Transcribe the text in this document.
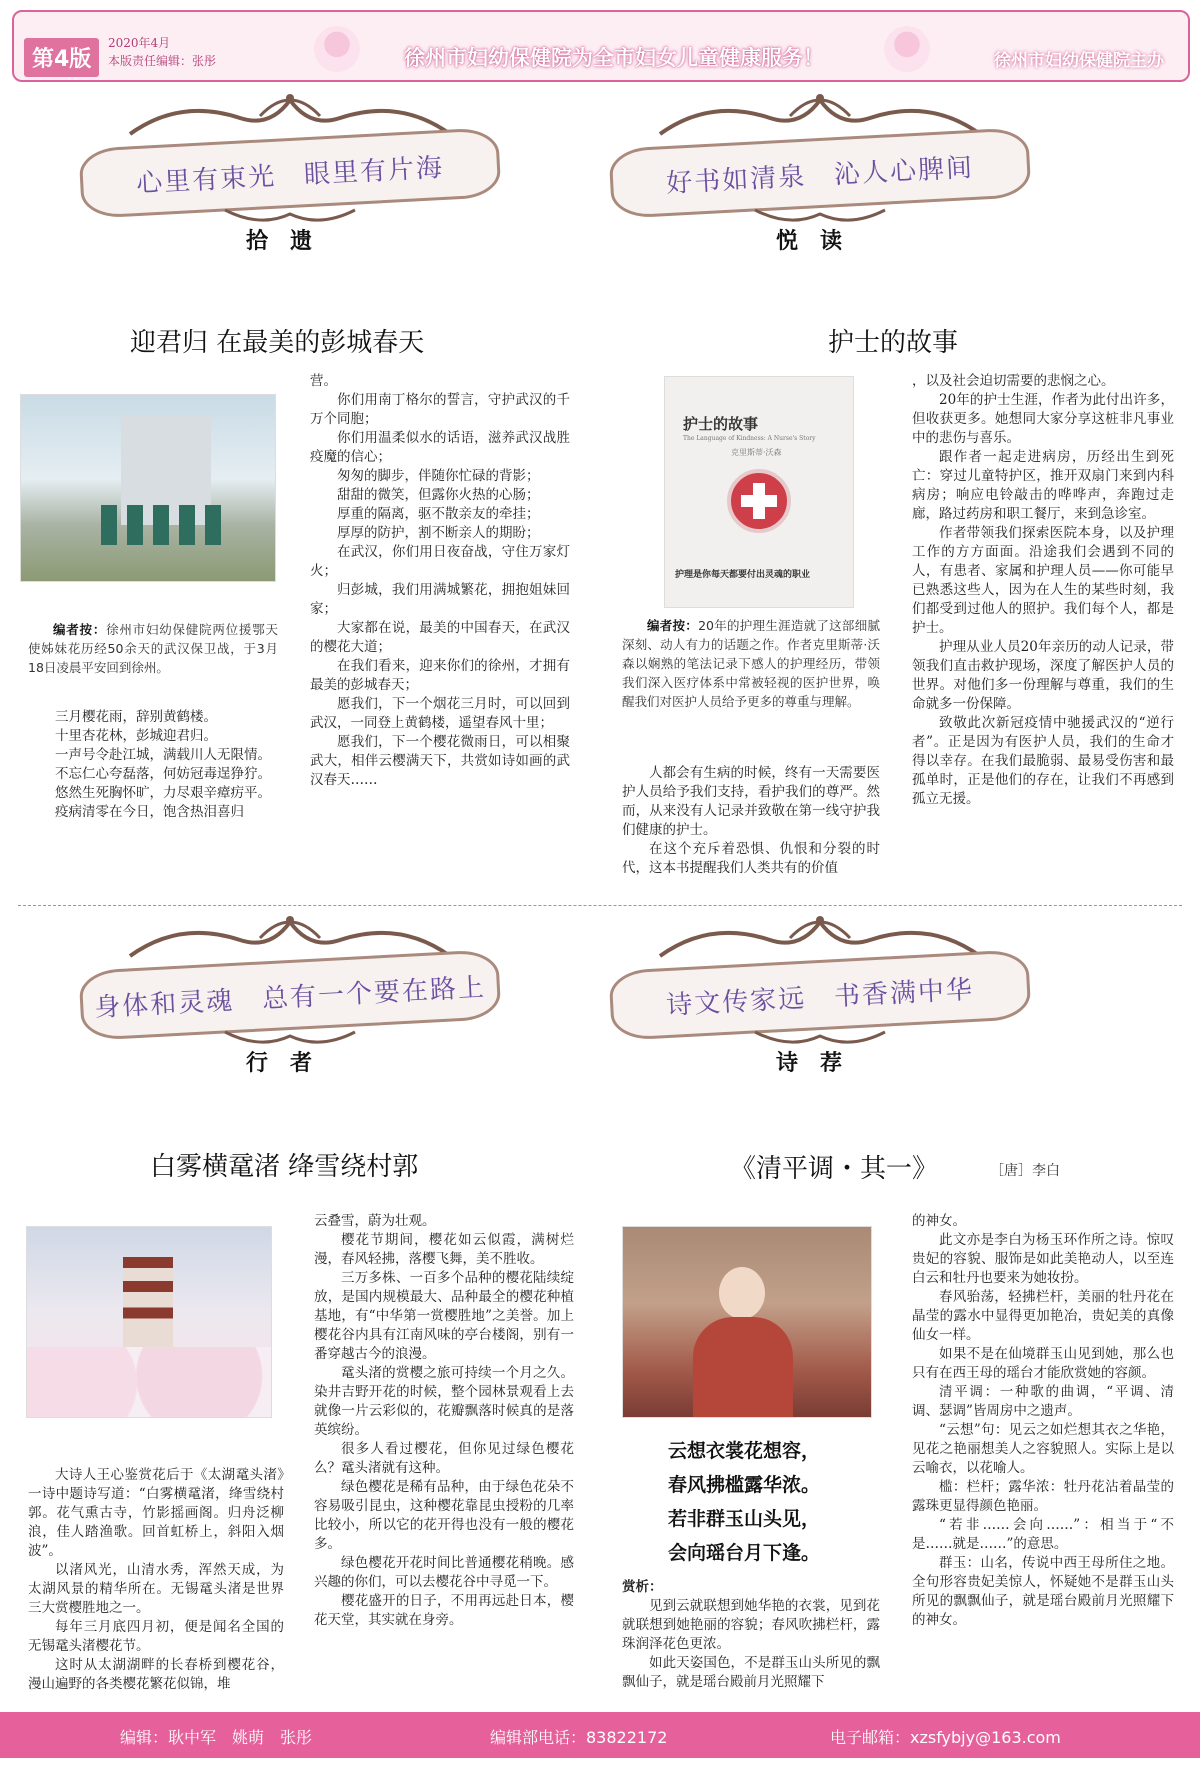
第4版
2020年4月
本版责任编辑：张彤	徐州市妇幼保健院为全市妇女儿童健康服务！	徐州市妇幼保健院主办
心里有束光　眼里有片海
拾遗
好书如清泉　沁人心脾间
悦读
迎君归 在最美的彭城春天
编者按：徐州市妇幼保健院两位援鄂天使姊妹花历经50余天的武汉保卫战，于3月18日凌晨平安回到徐州。

三月樱花雨，辞别黄鹤楼。

十里杏花林，彭城迎君归。

一声号令赴江城，满载川人无限情。

不忘仁心夸磊落，何妨冠毒逞狰狞。

悠然生死胸怀旷，力尽艰辛瘴疠平。

疫病清零在今日，饱含热泪喜归

营。

你们用南丁格尔的誓言，守护武汉的千万个同胞；

你们用温柔似水的话语，滋养武汉战胜疫魔的信心；

匆匆的脚步，伴随你忙碌的背影；

甜甜的微笑，但露你火热的心肠；

厚重的隔离，驱不散亲友的牵挂；

厚厚的防护，割不断亲人的期盼；

在武汉，你们用日夜奋战，守住万家灯火；

归彭城，我们用满城繁花，拥抱姐妹回家；

大家都在说，最美的中国春天，在武汉的樱花大道；

在我们看来，迎来你们的徐州，才拥有最美的彭城春天；

愿我们，下一个烟花三月时，可以回到武汉，一同登上黄鹤楼，遥望春风十里；

愿我们，下一个樱花微雨日，可以相聚武大，相伴云樱满天下，共赏如诗如画的武汉春天……

护士的故事
护士的故事
The Language of Kindness: A Nurse's Story
克里斯蒂·沃森
护理是你每天都要付出灵魂的职业
编者按：20年的护理生涯造就了这部细腻深刻、动人有力的话题之作。作者克里斯蒂·沃森以娴熟的笔法记录下感人的护理经历，带领我们深入医疗体系中常被轻视的医护世界，唤醒我们对医护人员给予更多的尊重与理解。

人都会有生病的时候，终有一天需要医护人员给予我们支持，看护我们的尊严。然而，从来没有人记录并致敬在第一线守护我们健康的护士。

在这个充斥着恐惧、仇恨和分裂的时代，这本书提醒我们人类共有的价值

，以及社会迫切需要的悲悯之心。

20年的护士生涯，作者为此付出许多，但收获更多。她想同大家分享这桩非凡事业中的悲伤与喜乐。

跟作者一起走进病房，历经出生到死亡：穿过儿童特护区，推开双扇门来到内科病房；响应电铃敲击的哗哗声，奔跑过走廊，路过药房和职工餐厅，来到急诊室。

作者带领我们探索医院本身，以及护理工作的方方面面。沿途我们会遇到不同的人，有患者、家属和护理人员——你可能早已熟悉这些人，因为在人生的某些时刻，我们都受到过他人的照护。我们每个人，都是护士。

护理从业人员20年亲历的动人记录，带领我们直击救护现场，深度了解医护人员的世界。对他们多一份理解与尊重，我们的生命就多一份保障。

致敬此次新冠疫情中驰援武汉的“逆行者”。正是因为有医护人员，我们的生命才得以幸存。在我们最脆弱、最易受伤害和最孤单时，正是他们的存在，让我们不再感到孤立无援。

身体和灵魂　总有一个要在路上
行者
诗文传家远　书香满中华
诗荐
白雾横鼋渚 绛雪绕村郭

大诗人王心鉴赏花后于《太湖鼋头渚》一诗中题诗写道：“白雾横鼋渚，绛雪绕村郭。花气熏古寺，竹影摇画阁。归舟泛柳浪，佳人踏渔歌。回首虹桥上，斜阳入烟波”。

以渚风光，山清水秀，浑然天成，为太湖风景的精华所在。无锡鼋头渚是世界三大赏樱胜地之一。

每年三月底四月初，便是闻名全国的无锡鼋头渚樱花节。

这时从太湖湖畔的长春桥到樱花谷，漫山遍野的各类樱花繁花似锦，堆

云叠雪，蔚为壮观。

樱花节期间，樱花如云似霞，满树烂漫，春风轻拂，落樱飞舞，美不胜收。

三万多株、一百多个品种的樱花陆续绽放，是国内规模最大、品种最全的樱花种植基地，有“中华第一赏樱胜地”之美誉。加上樱花谷内具有江南风味的亭台楼阁，别有一番穿越古今的浪漫。

鼋头渚的赏樱之旅可持续一个月之久。染井吉野开花的时候，整个园林景观看上去就像一片云彩似的，花瓣飘落时候真的是落英缤纷。

很多人看过樱花，但你见过绿色樱花么？鼋头渚就有这种。

绿色樱花是稀有品种，由于绿色花朵不容易吸引昆虫，这种樱花靠昆虫授粉的几率比较小，所以它的花开得也没有一般的樱花多。

绿色樱花开花时间比普通樱花稍晚。感兴趣的你们，可以去樱花谷中寻觅一下。

樱花盛开的日子，不用再远赴日本，樱花天堂，其实就在身旁。

《清平调・其一》	［唐］李白
云想衣裳花想容，
春风拂槛露华浓。
若非群玉山头见，
会向瑶台月下逢。

赏析：

见到云就联想到她华艳的衣裳，见到花就联想到她艳丽的容貌；春风吹拂栏杆，露珠润泽花色更浓。

如此天姿国色，不是群玉山头所见的飘飘仙子，就是瑶台殿前月光照耀下

的神女。

此文亦是李白为杨玉环作所之诗。惊叹贵妃的容貌、服饰是如此美艳动人，以至连白云和牡丹也要来为她妆扮。

春风骀荡，轻拂栏杆，美丽的牡丹花在晶莹的露水中显得更加艳冶，贵妃美的真像仙女一样。

如果不是在仙境群玉山见到她，那么也只有在西王母的瑶台才能欣赏她的容颜。

清平调：一种歌的曲调，“平调、清调、瑟调”皆周房中之遗声。

“云想”句：见云之如烂想其衣之华艳，见花之艳丽想美人之容貌照人。实际上是以云喻衣，以花喻人。

槛：栏杆；露华浓：牡丹花沾着晶莹的露珠更显得颜色艳丽。

“若非……会向……”：相当于“不是……就是……”的意思。

群玉：山名，传说中西王母所住之地。全句形容贵妃美惊人，怀疑她不是群玉山头所见的飘飘仙子，就是瑶台殿前月光照耀下的神女。

编辑：耿中军　姚萌　张彤	编辑部电话：83822172	电子邮箱：xzsfybjy@163.com
